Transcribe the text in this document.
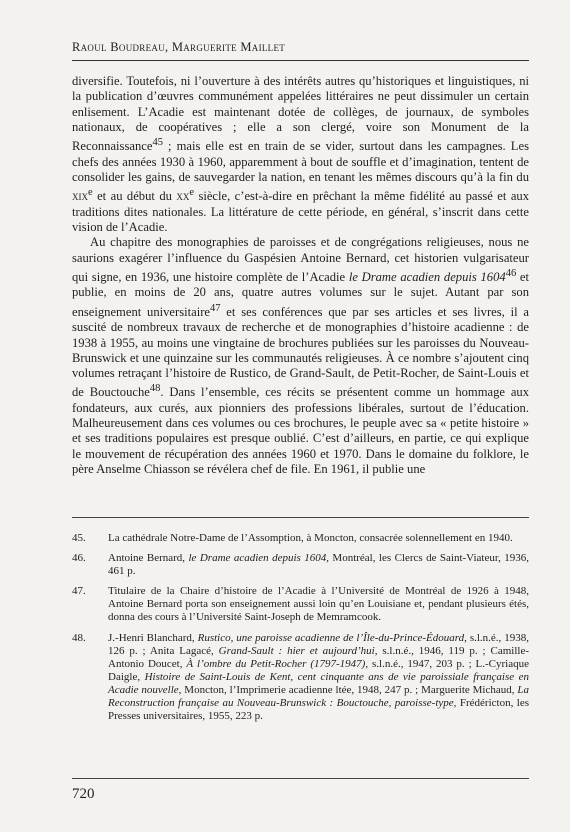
Raoul Boudreau, Marguerite Maillet

diversifie. Toutefois, ni l’ouverture à des intérêts autres qu’historiques et linguistiques, ni la publication d’œuvres communément appelées littéraires ne peut dissimuler un certain enlisement. L’Acadie est maintenant dotée de collèges, de journaux, de symboles nationaux, de coopératives ; elle a son clergé, voire son Monument de la Reconnaissance$^{45}$ ; mais elle est en train de se vider, surtout dans les campagnes. Les chefs des années 1930 à 1960, apparemment à bout de souffle et d’imagination, tentent de consolider les gains, de sauvegarder la nation, en tenant les mêmes discours qu’à la fin du xix$^e$ et au début du $xx^e$ siècle, c’est-à-dire en prêchant la même fidélité au passé et aux traditions dites nationales. La littérature de cette période, en général, s’inscrit dans cette vision de l’Acadie.

Au chapitre des monographies de paroisses et de congrégations religieuses, nous ne saurions exagérer l’influence du Gaspésien Antoine Bernard, cet historien vulgarisateur qui signe, en 1936, une histoire complète de l’Acadie le Drame acadien depuis 1604$^{46}$ et publie, en moins de 20 ans, quatre autres volumes sur le sujet. Autant par son enseignement universitaire$^{47}$ et ses conférences que par ses articles et ses livres, il a suscité de nombreux travaux de recherche et de monographies d’histoire acadienne : de 1938 à 1955, au moins une vingtaine de brochures publiées sur les paroisses du Nouveau-Brunswick et une quinzaine sur les communautés religieuses. À ce nombre s’ajoutent cinq volumes retraçant l’histoire de Rustico, de Grand-Sault, de Petit-Rocher, de Saint-Louis et de Bouctouche$^{48}$. Dans l’ensemble, ces récits se présentent comme un hommage aux fondateurs, aux curés, aux pionniers des professions libérales, surtout de l’éducation. Malheureusement dans ces volumes ou ces brochures, le peuple avec sa « petite histoire » et ses traditions populaires est presque oublié. C’est d’ailleurs, en partie, ce qui explique le mouvement de récupération des années 1960 et 1970. Dans le domaine du folklore, le père Anselme Chiasson se révélera chef de file. En 1961, il publie une

45.	La cathédrale Notre-Dame de l’Assomption, à Moncton, consacrée solennellement en 1940.
46.	Antoine Bernard, le Drame acadien depuis 1604, Montréal, les Clercs de Saint-Viateur, 1936, 461 p.
47.	Titulaire de la Chaire d’histoire de l’Acadie à l’Université de Montréal de 1926 à 1948, Antoine Bernard porta son enseignement aussi loin qu’en Louisiane et, pendant plusieurs étés, donna des cours à l’Université Saint-Joseph de Memramcook.
48.	J.-Henri Blanchard, Rustico, une paroisse acadienne de l’Île-du-Prince-Édouard, s.l.n.é., 1938, 126 p. ; Anita Lagacé, Grand-Sault : hier et aujourd’hui, s.l.n.é., 1946, 119 p. ; Camille-Antonio Doucet, À l’ombre du Petit-Rocher (1797-1947), s.l.n.é., 1947, 203 p. ; L.-Cyriaque Daigle, Histoire de Saint-Louis de Kent, cent cinquante ans de vie paroissiale française en Acadie nouvelle, Moncton, l’Imprimerie acadienne ltée, 1948, 247 p. ; Marguerite Michaud, La Reconstruction française au Nouveau-Brunswick : Bouctouche, paroisse-type, Frédéricton, les Presses universitaires, 1955, 223 p.
720
